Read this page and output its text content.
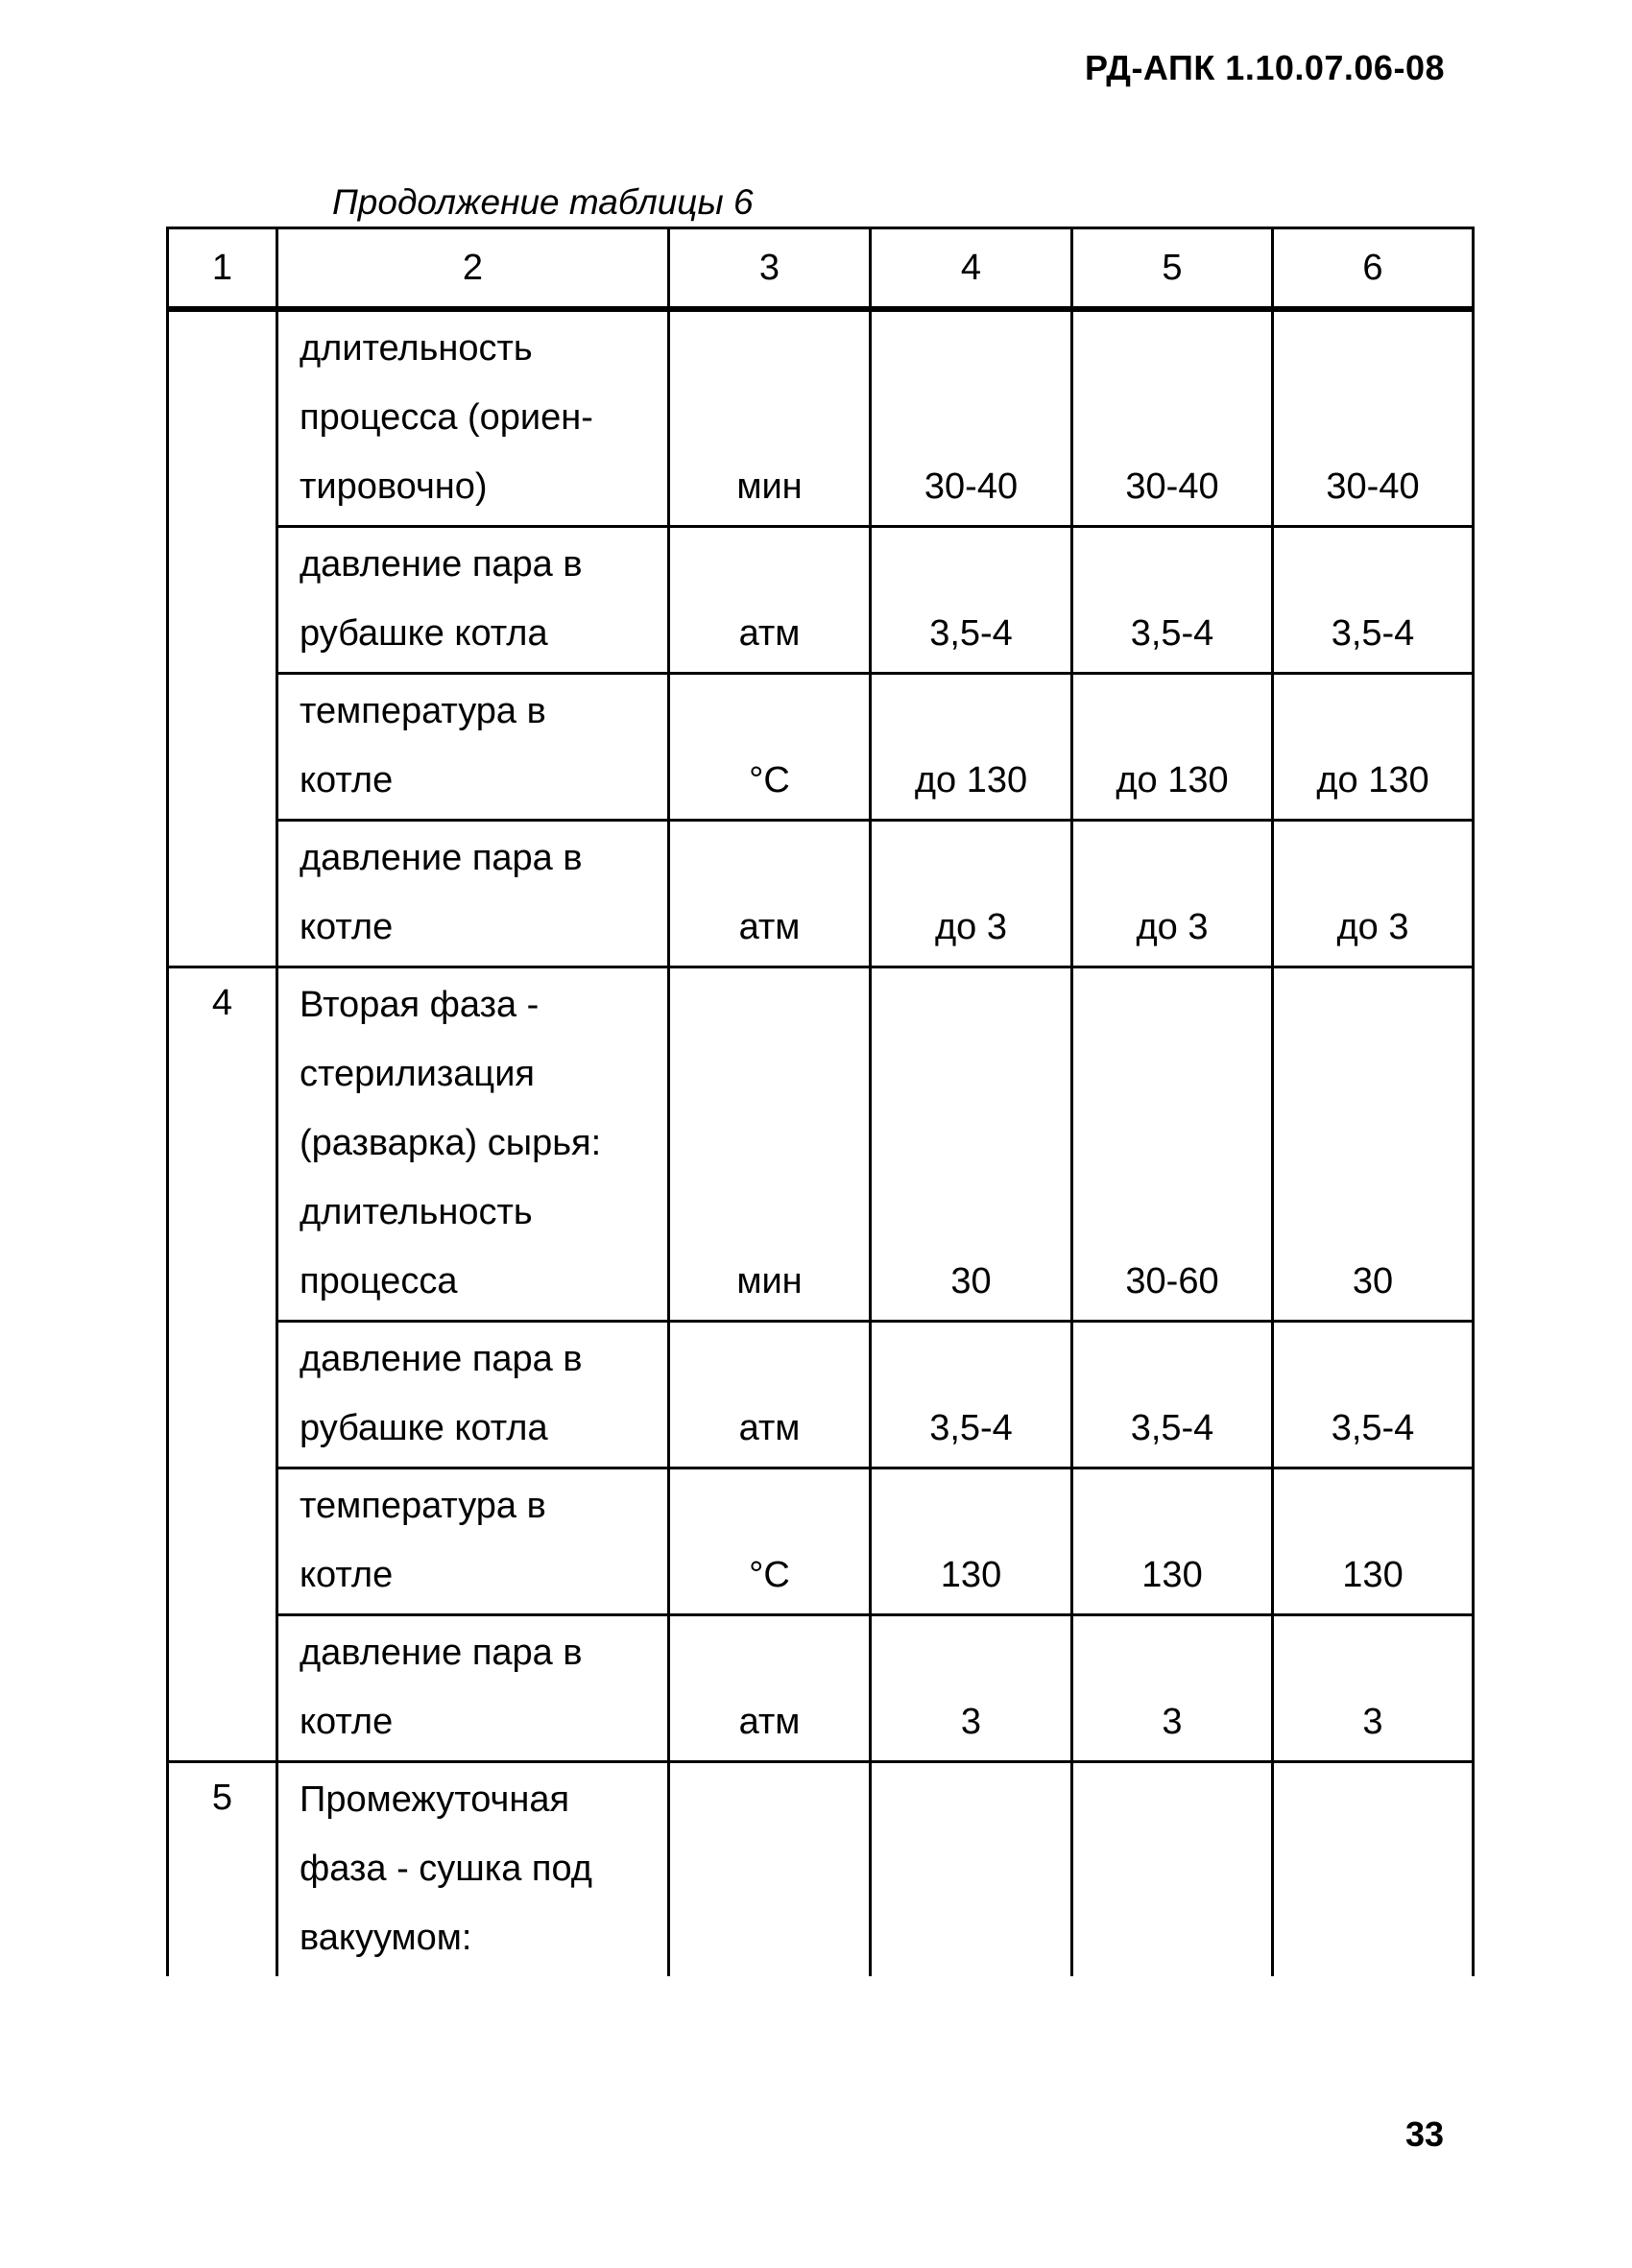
РД-АПК 1.10.07.06-08
Продолжение таблицы 6
1	2	3	4	5	6

	длительность
процесса (ориен-
тировочно)	мин	30-40	30-40	30-40

	давление пара в
рубашке котла	атм	3,5-4	3,5-4	3,5-4

	температура в
котле	°С	до 130	до 130	до 130

	давление пара в
котле	атм	до 3	до 3	до 3
4	Вторая фаза -
стерилизация
(разварка) сырья:
длительность
процесса	мин	30	30-60	30

	давление пара в
рубашке котла	атм	3,5-4	3,5-4	3,5-4

	температура в
котле	°С	130	130	130

	давление пара в
котле	атм	3	3	3
5	Промежуточная
фаза - сушка под
вакуумом:				

33
